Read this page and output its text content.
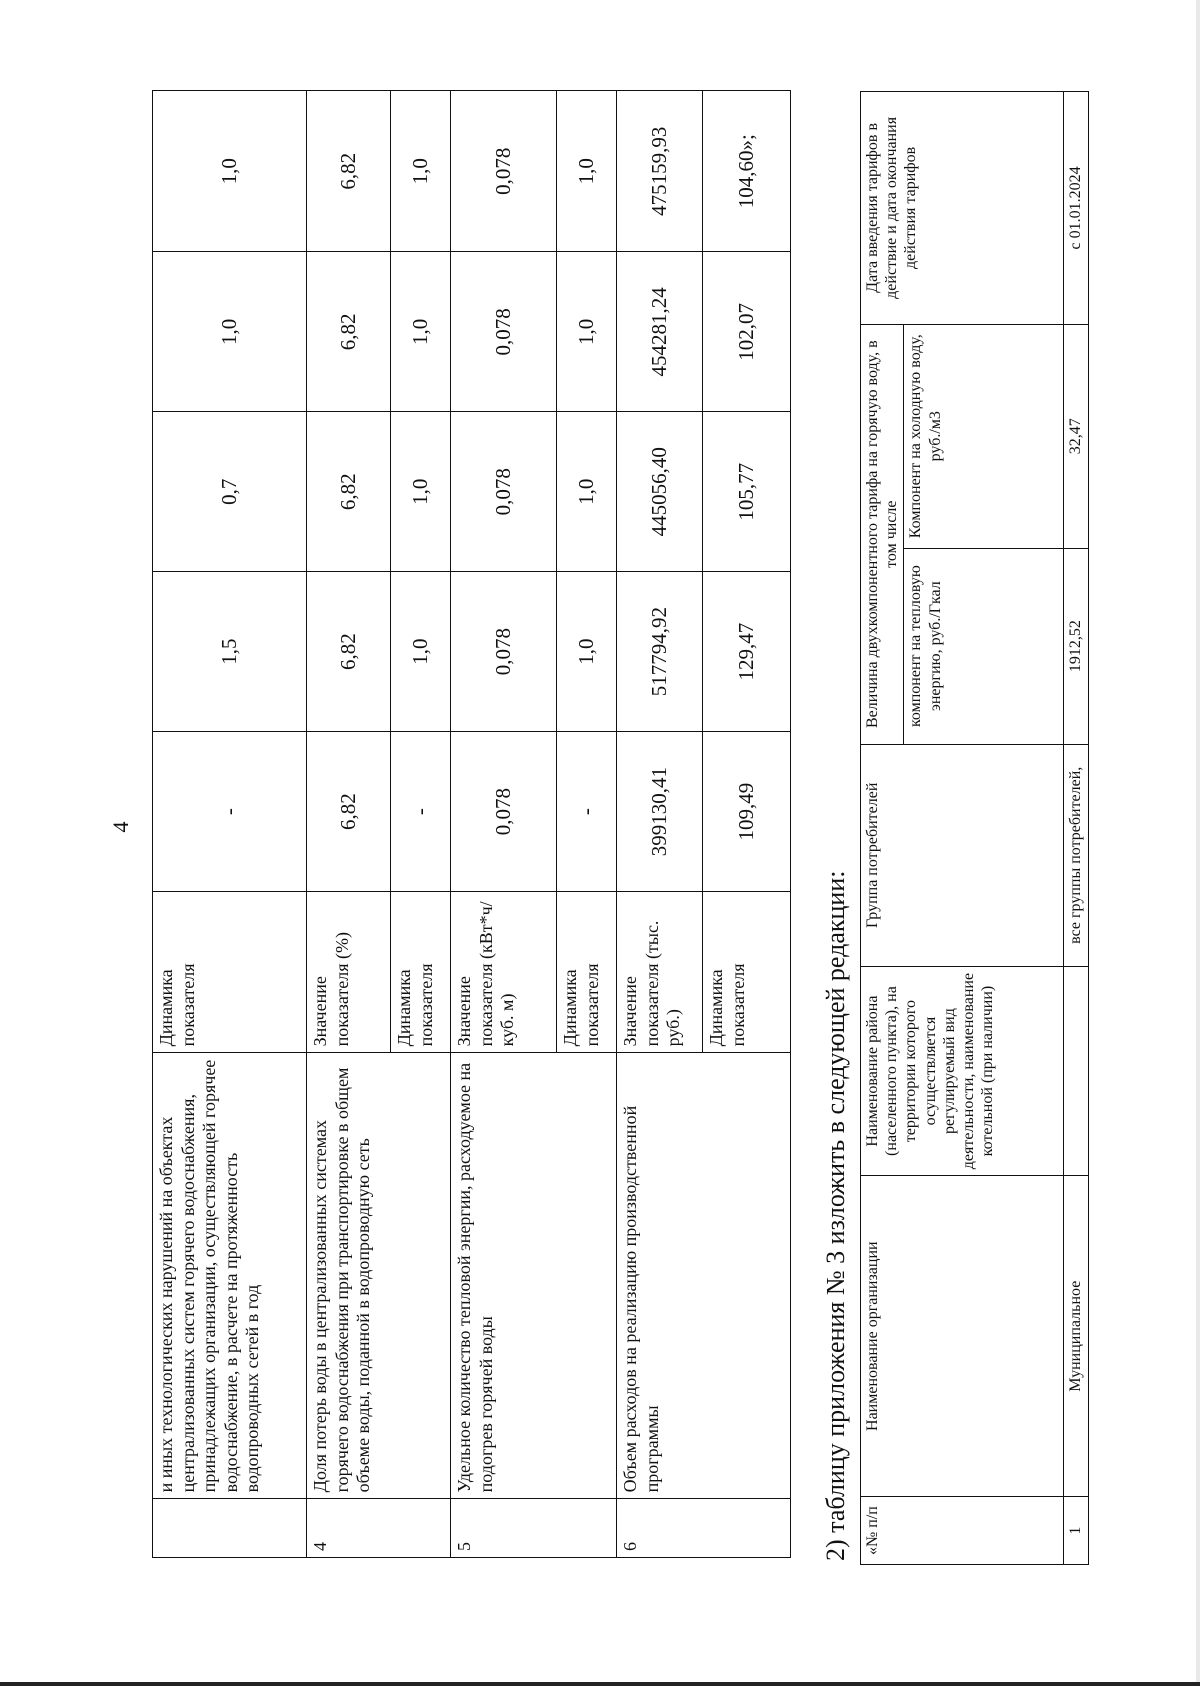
4
	и иных технологических нарушений на объектах централизованных систем горячего водоснабжения, принадлежащих организации, осуществляющей горячее водоснабжение, в расчете на протяженность водопроводных сетей в год	Динамика показателя	-	1,5	0,7	1,0	1,0
4	Доля потерь воды в централизованных системах горячего водоснабжения при транспортировке в общем объеме воды, поданной в водопроводную сеть	Значение показателя (%)	6,82	6,82	6,82	6,82	6,82
		Динамика показателя	-	1,0	1,0	1,0	1,0
5	Удельное количество тепловой энергии, расходуемое на подогрев горячей воды	Значение показателя (кВт*ч/куб. м)	0,078	0,078	0,078	0,078	0,078
		Динамика показателя	-	1,0	1,0	1,0	1,0
6	Объем расходов на реализацию производственной программы	Значение показателя (тыс. руб.)	399130,41	517794,92	445056,40	454281,24	475159,93
		Динамика показателя	109,49	129,47	105,77	102,07	104,60»;
2) таблицу приложения № 3 изложить в следующей редакции: «№ п/п	Наименование организации	Наименование района (населенного пункта), на территории которого осуществляется регулируемый вид деятельности, наименование котельной (при наличии)	Группа потребителей	Величина двухкомпонентного тарифа на горячую воду, в том числе		Дата введения тарифов в действие и дата окончания действия тарифов
				компонент на тепловую энергию, руб./Гкал	Компонент на холодную воду, руб./м3	
1	Муниципальное		все группы потребителей,	1912,52	32,47	с 01.01.2024
